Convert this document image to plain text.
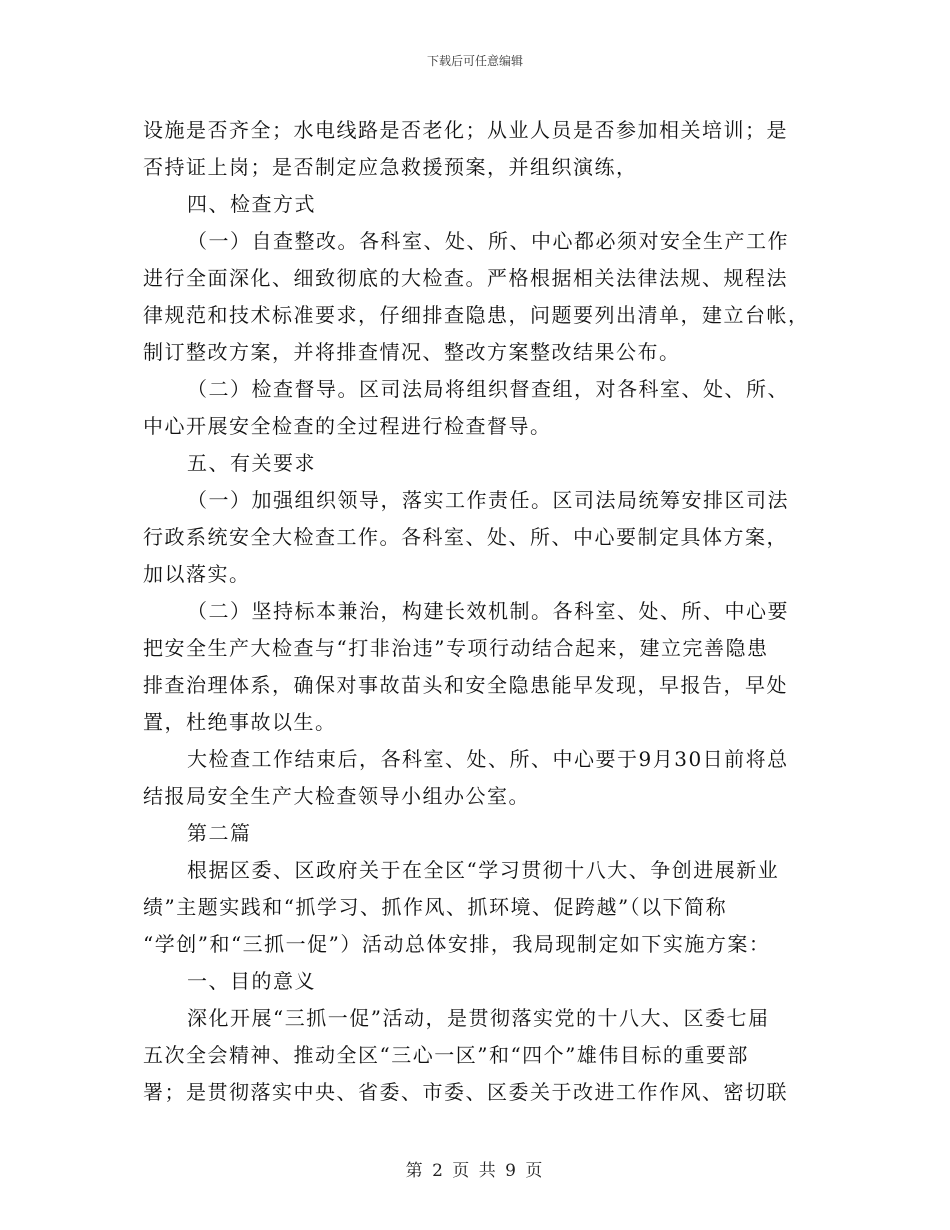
下载后可任意编辑
设施是否齐全；水电线路是否老化；从业人员是否参加相关培训；是
否持证上岗；是否制定应急救援预案，并组织演练，
四、检查方式
（一）自查整改。各科室、处、所、中心都必须对安全生产工作
进行全面深化、细致彻底的大检查。严格根据相关法律法规、规程法
律规范和技术标准要求，仔细排查隐患，问题要列出清单，建立台帐，
制订整改方案，并将排查情况、整改方案整改结果公布。
（二）检查督导。区司法局将组织督查组，对各科室、处、所、
中心开展安全检查的全过程进行检查督导。
五、有关要求
（一）加强组织领导，落实工作责任。区司法局统筹安排区司法
行政系统安全大检查工作。各科室、处、所、中心要制定具体方案，
加以落实。
（二）坚持标本兼治，构建长效机制。各科室、处、所、中心要
把安全生产大检查与“打非治违”专项行动结合起来，建立完善隐患
排查治理体系，确保对事故苗头和安全隐患能早发现，早报告，早处
置，杜绝事故以生。
大检查工作结束后，各科室、处、所、中心要于9月30日前将总
结报局安全生产大检查领导小组办公室。
第二篇
根据区委、区政府关于在全区“学习贯彻十八大、争创进展新业
绩”主题实践和“抓学习、抓作风、抓环境、促跨越”（以下简称
“学创”和“三抓一促”）活动总体安排，我局现制定如下实施方案：
一、目的意义
深化开展“三抓一促”活动，是贯彻落实党的十八大、区委七届
五次全会精神、推动全区“三心一区”和“四个”雄伟目标的重要部
署；是贯彻落实中央、省委、市委、区委关于改进工作作风、密切联
第 2 页 共 9 页
